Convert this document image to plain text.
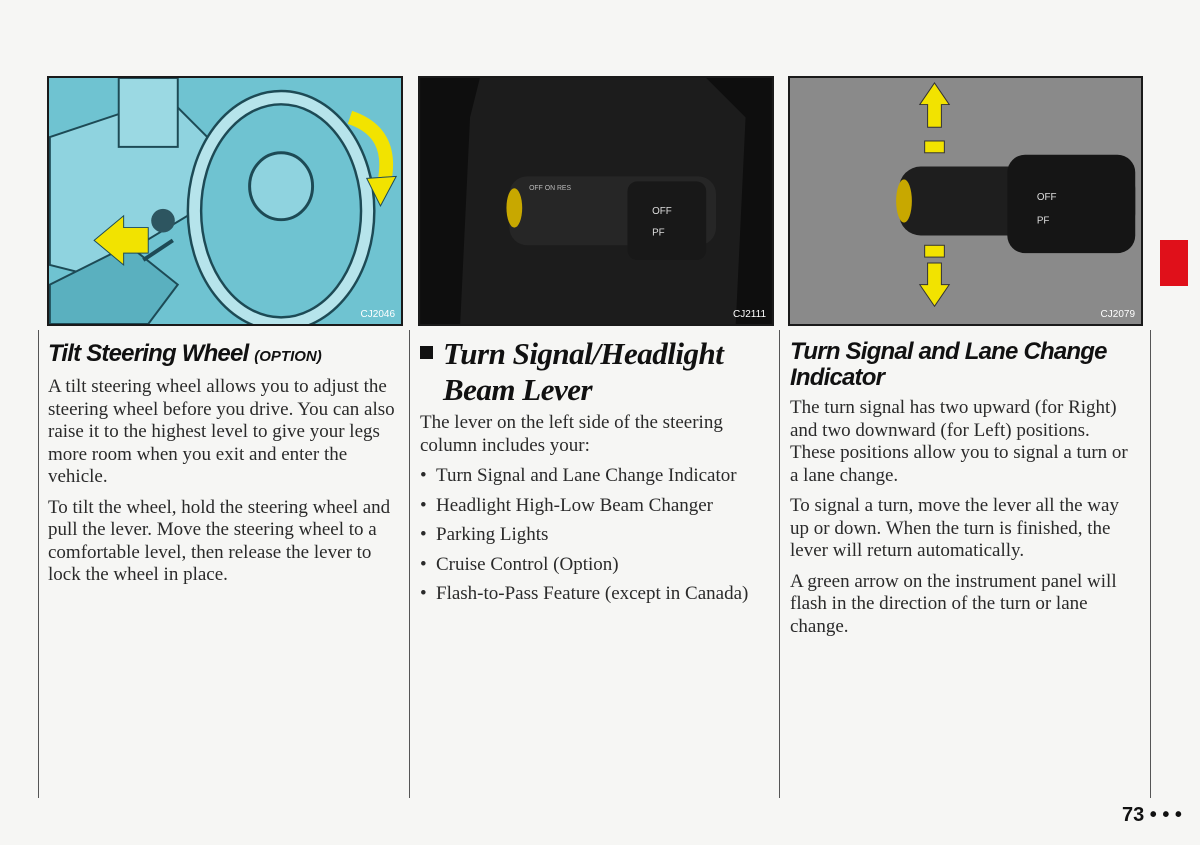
CJ2046
OFF
PF
OFF ON RES
CJ2111
OFF
PF
CJ2079
Tilt Steering Wheel (OPTION)

A tilt steering wheel allows you to adjust the steering wheel before you drive. You can also raise it to the highest level to give your legs more room when you exit and enter the vehicle.

To tilt the wheel, hold the steering wheel and pull the lever. Move the steering wheel to a comfortable level, then release the lever to lock the wheel in place.

Turn Signal/Headlight
Beam Lever

The lever on the left side of the steering column includes your:

• Turn Signal and Lane Change Indicator
• Headlight High-Low Beam Changer
• Parking Lights
• Cruise Control (Option)
• Flash-to-Pass Feature (except in Canada)
Turn Signal and Lane Change Indicator

The turn signal has two upward (for Right) and two downward (for Left) positions. These positions allow you to signal a turn or a lane change.

To signal a turn, move the lever all the way up or down. When the turn is finished, the lever will return automatically.

A green arrow on the instrument panel will flash in the direction of the turn or lane change.

73 • • •
